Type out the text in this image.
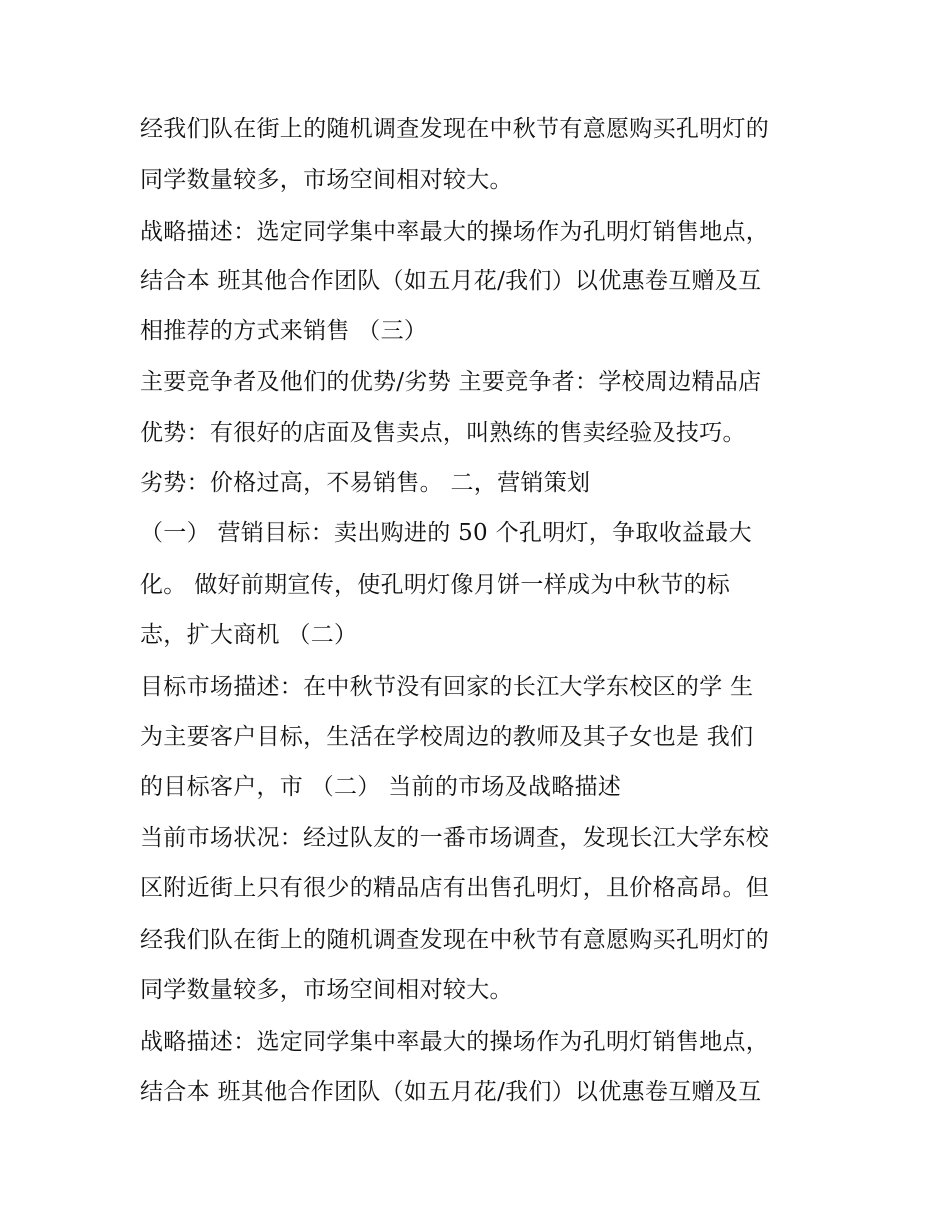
经我们队在街上的随机调查发现在中秋节有意愿购买孔明灯的
同学数量较多，市场空间相对较大。
战略描述：选定同学集中率最大的操场作为孔明灯销售地点，
结合本 班其他合作团队（如五月花/我们）以优惠卷互赠及互
相推荐的方式来销售 （三）
主要竞争者及他们的优势/劣势 主要竞争者：学校周边精品店
优势：有很好的店面及售卖点，叫熟练的售卖经验及技巧。
劣势：价格过高，不易销售。 二，营销策划
（一） 营销目标：卖出购进的 50 个孔明灯，争取收益最大
化。 做好前期宣传，使孔明灯像月饼一样成为中秋节的标
志，扩大商机 （二）
目标市场描述：在中秋节没有回家的长江大学东校区的学 生
为主要客户目标，生活在学校周边的教师及其子女也是 我们
的目标客户，市 （二） 当前的市场及战略描述
当前市场状况：经过队友的一番市场调查，发现长江大学东校
区附近街上只有很少的精品店有出售孔明灯，且价格高昂。但
经我们队在街上的随机调查发现在中秋节有意愿购买孔明灯的
同学数量较多，市场空间相对较大。
战略描述：选定同学集中率最大的操场作为孔明灯销售地点，
结合本 班其他合作团队（如五月花/我们）以优惠卷互赠及互
